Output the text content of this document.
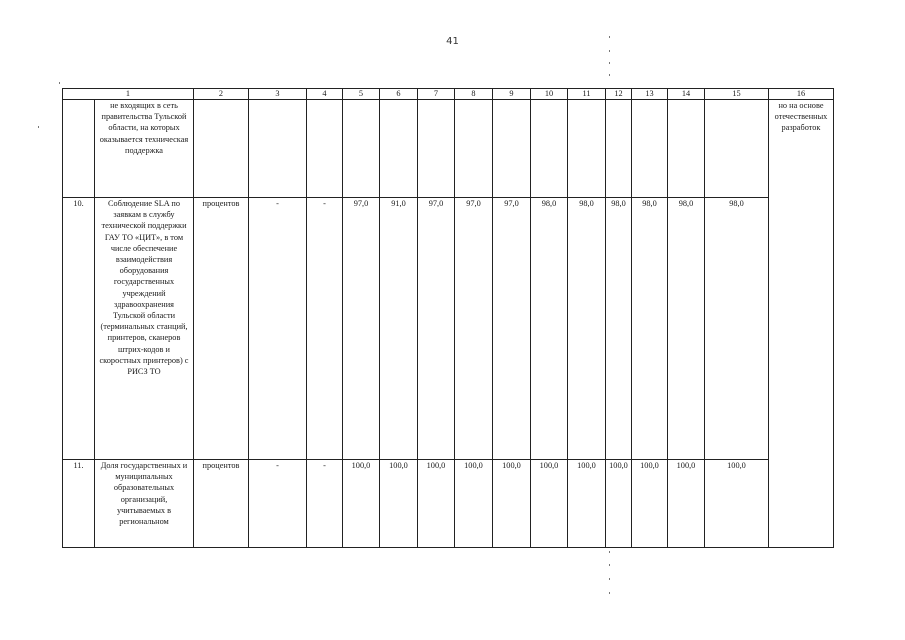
41
1		2	3	4	5	6	7	8	9	10	11	12	13	14	15	16
	не входящих в сеть правительства Тульской области, на которых оказывается техническая поддержка															но на основе отечественных разработок
10.	Соблюдение SLA по заявкам в службу технической поддержки ГАУ ТО «ЦИТ», в том числе обеспечение взаимодействия оборудования государственных учреждений здравоохранения Тульской области (терминальных станций, принтеров, сканеров штрих-кодов и скоростных принтеров) с РИСЗ ТО	процентов	-	-	97,0	91,0	97,0	97,0	97,0	98,0	98,0	98,0	98,0	98,0	98,0	
11.	Доля государственных и муниципальных образовательных организаций, учитываемых в региональном	процентов	-	-	100,0	100,0	100,0	100,0	100,0	100,0	100,0	100,0	100,0	100,0	100,0	
